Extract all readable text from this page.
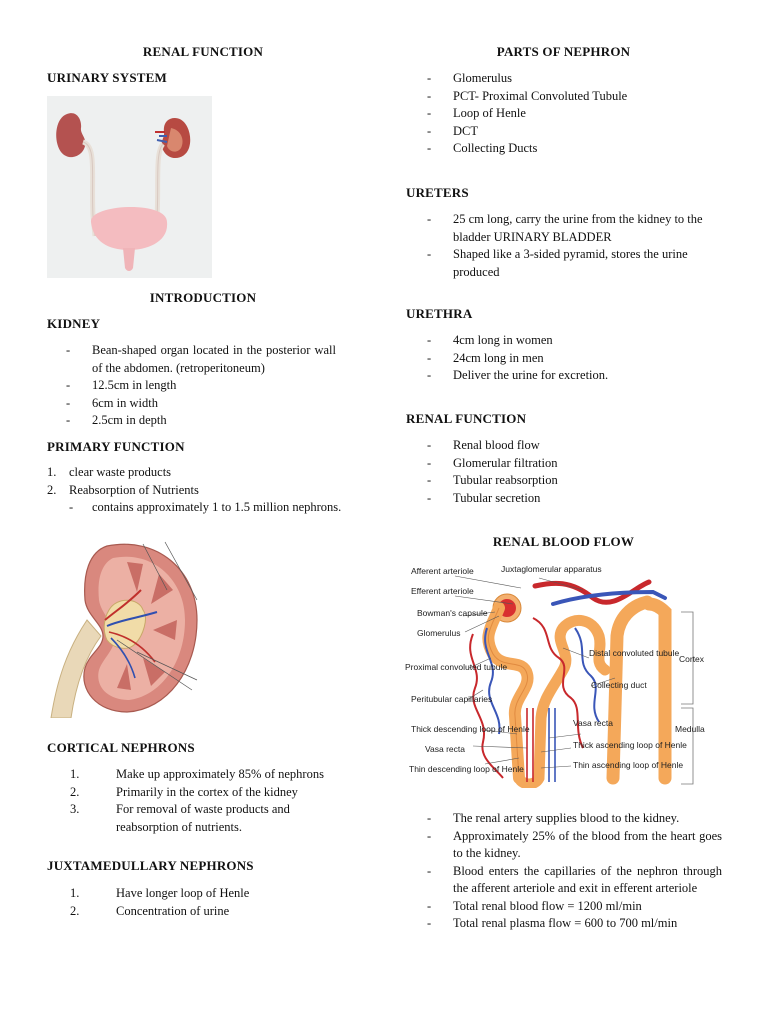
RENAL FUNCTION
URINARY SYSTEM
INTRODUCTION
KIDNEY
- Bean-shaped organ located in the posterior wall of the abdomen. (retroperitoneum)
- 12.5cm in length
- 6cm in width
- 2.5cm in depth
PRIMARY FUNCTION
1. clear waste products
2. Reabsorption of Nutrients
- contains approximately 1 to 1.5 million nephrons.
CORTICAL NEPHRONS
1.	Make up approximately 85% of nephrons
2.	Primarily in the cortex of the kidney
3.	For removal of waste products and reabsorption of nutrients.
JUXTAMEDULLARY NEPHRONS
1.	Have longer loop of Henle
2.	Concentration of urine
PARTS OF NEPHRON
- Glomerulus
- PCT- Proximal Convoluted Tubule
- Loop of Henle
- DCT
- Collecting Ducts
URETERS
- 25 cm long, carry the urine from the kidney to the bladder URINARY BLADDER
- Shaped like a 3-sided pyramid, stores the urine produced
URETHRA
- 4cm long in women
- 24cm long in men
- Deliver the urine for excretion.
RENAL FUNCTION
- Renal blood flow
- Glomerular filtration
- Tubular reabsorption
- Tubular secretion
RENAL BLOOD FLOW
Cortex
Medulla
Afferent arteriole
Efferent arteriole
Bowman's capsule
Glomerulus
Proximal convoluted tubule
Peritubular capillaries
Thick descending loop of Henle
Vasa recta
Thin descending loop of Henle
Juxtaglomerular apparatus
Distal convoluted tubule
Collecting duct
Vasa recta
Thick ascending loop of Henle
Thin ascending loop of Henle
- The renal artery supplies blood to the kidney.
- Approximately 25% of the blood from the heart goes to the kidney.
- Blood enters the capillaries of the nephron through the afferent arteriole and exit in efferent arteriole
- Total renal blood flow = 1200 ml/min
- Total renal plasma flow = 600 to 700 ml/min
